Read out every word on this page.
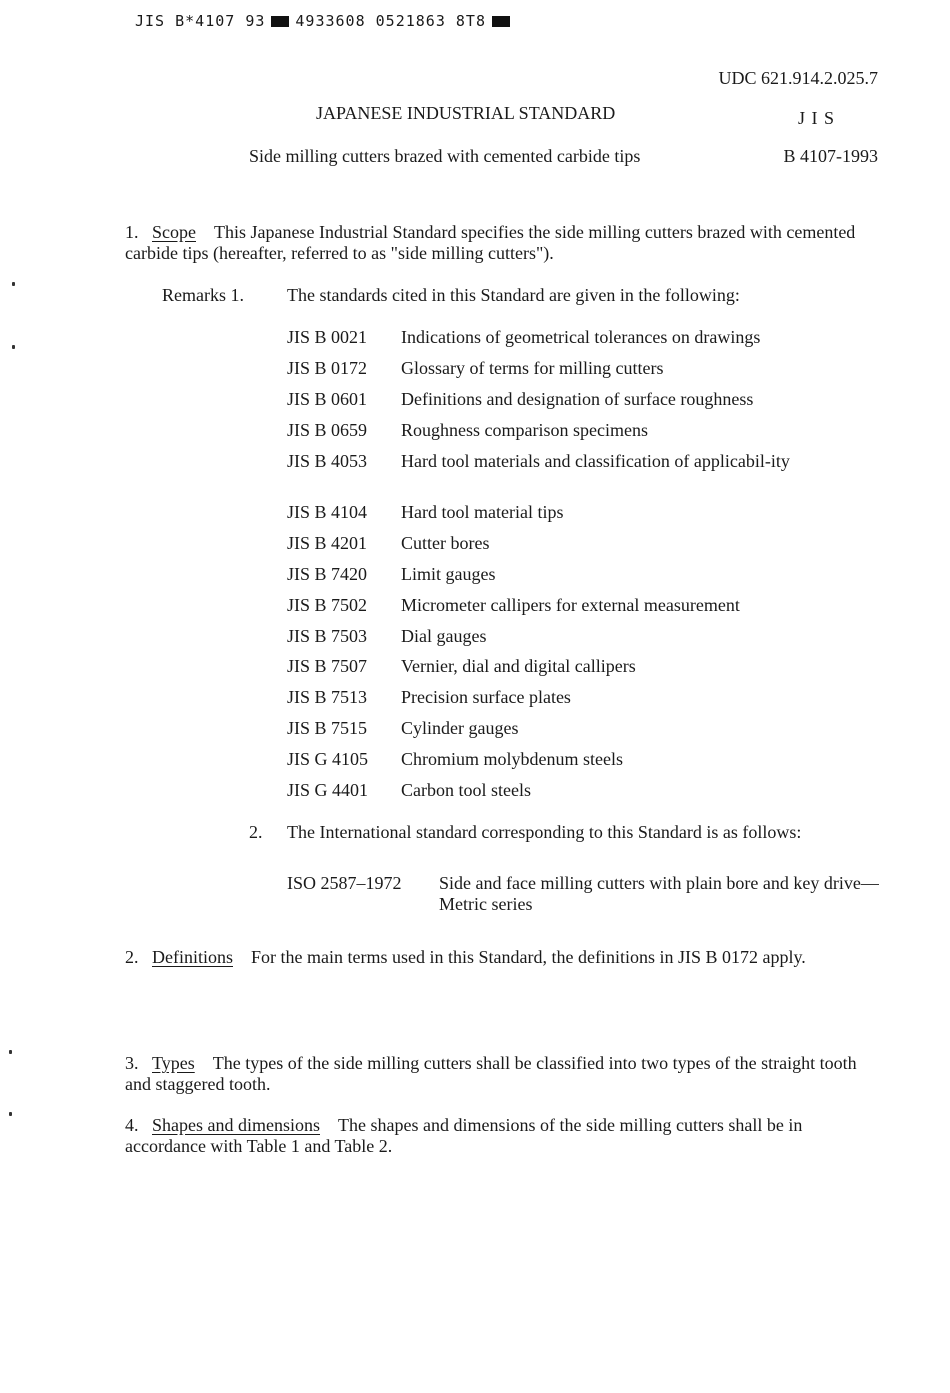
JIS B*4107 93 4933608 0521863 8T8
UDC 621.914.2.025.7
JAPANESE INDUSTRIAL STANDARD	J I S
Side milling cutters brazed with cemented carbide tips	B 4107-1993
1. Scope This Japanese Industrial Standard specifies the side milling cutters brazed with cemented carbide tips (hereafter, referred to as "side milling cutters").
Remarks 1. The standards cited in this Standard are given in the following:
JIS B 0021 Indications of geometrical tolerances on drawings
JIS B 0172 Glossary of terms for milling cutters
JIS B 0601 Definitions and designation of surface roughness
JIS B 0659 Roughness comparison specimens
JIS B 4053 Hard tool materials and classification of applicabil-ity
JIS B 4104 Hard tool material tips
JIS B 4201 Cutter bores
JIS B 7420 Limit gauges
JIS B 7502 Micrometer callipers for external measurement
JIS B 7503 Dial gauges
JIS B 7507 Vernier, dial and digital callipers
JIS B 7513 Precision surface plates
JIS B 7515 Cylinder gauges
JIS G 4105 Chromium molybdenum steels
JIS G 4401 Carbon tool steels
2. The International standard corresponding to this Standard is as follows:
ISO 2587–1972 Side and face milling cutters with plain bore and key drive—Metric series
2. Definitions For the main terms used in this Standard, the definitions in JIS B 0172 apply.
3. Types The types of the side milling cutters shall be classified into two types of the straight tooth and staggered tooth.
4. Shapes and dimensions The shapes and dimensions of the side milling cutters shall be in accordance with Table 1 and Table 2.
